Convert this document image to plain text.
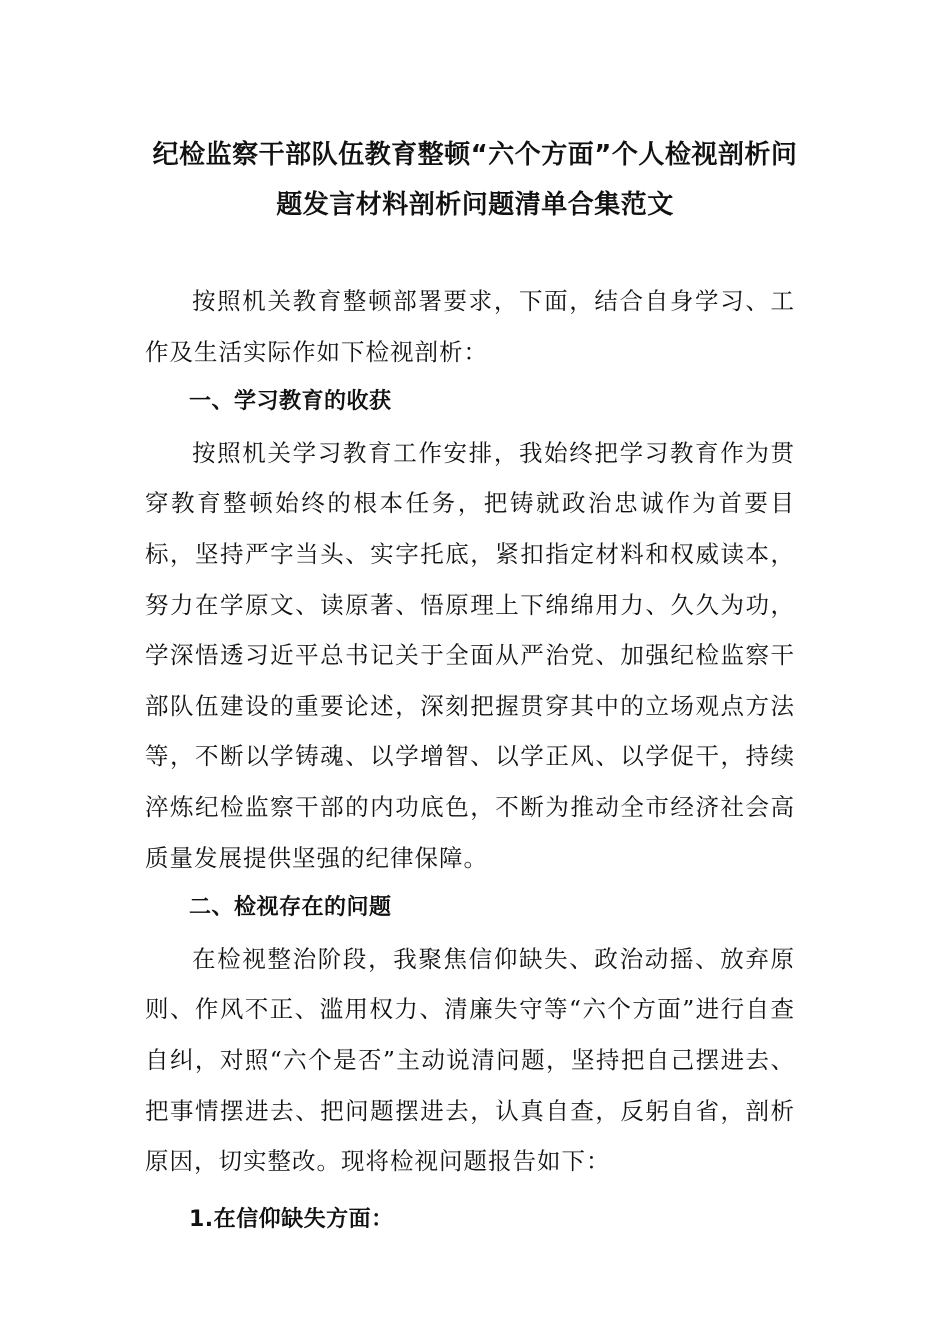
纪检监察干部队伍教育整顿“六个方面”个人检视剖析问
题发言材料剖析问题清单合集范文

按照机关教育整顿部署要求，下面，结合自身学习、工作及生活实际作如下检视剖析：

一、学习教育的收获

按照机关学习教育工作安排，我始终把学习教育作为贯穿教育整顿始终的根本任务，把铸就政治忠诚作为首要目标，坚持严字当头、实字托底，紧扣指定材料和权威读本，努力在学原文、读原著、悟原理上下绵绵用力、久久为功，学深悟透习近平总书记关于全面从严治党、加强纪检监察干部队伍建设的重要论述，深刻把握贯穿其中的立场观点方法等，不断以学铸魂、以学增智、以学正风、以学促干，持续淬炼纪检监察干部的内功底色，不断为推动全市经济社会高质量发展提供坚强的纪律保障。

二、检视存在的问题

在检视整治阶段，我聚焦信仰缺失、政治动摇、放弃原则、作风不正、滥用权力、清廉失守等“六个方面”进行自查自纠，对照“六个是否”主动说清问题，坚持把自己摆进去、把事情摆进去、把问题摆进去，认真自查，反躬自省，剖析原因，切实整改。现将检视问题报告如下：

1.在信仰缺失方面：
